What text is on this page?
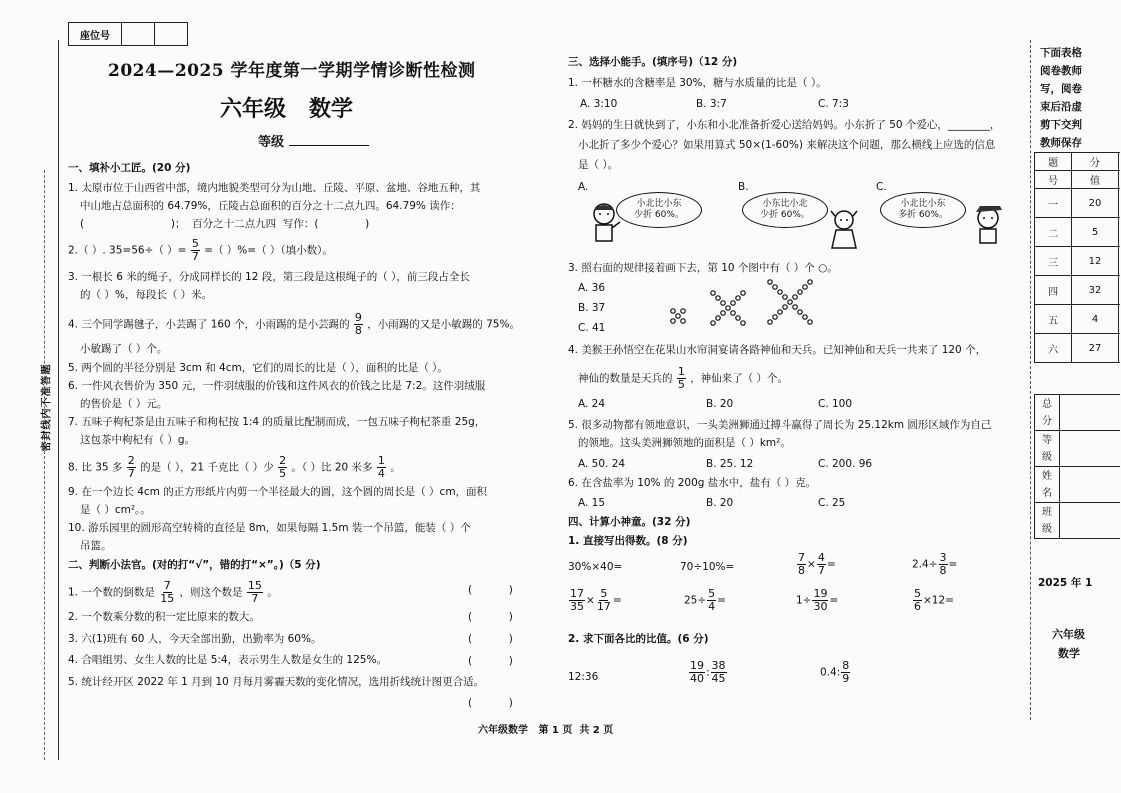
密封线内不准答题
座位号		
2024—2025 学年度第一学期学情诊断性检测
六年级   数学
等级
一、填补小工匠。(20 分)
1. 太原市位于山西省中部，境内地貌类型可分为山地、丘陵、平原、盆地、谷地五种，其
中山地占总面积的 64.79%，丘陵占总面积的百分之十二点九四。64.79% 读作：
(                          )；  百分之十二点九四  写作：(              )
2.（ ）. 35=56÷（ ）= $\frac{5}{7}$ =（ ）%=（ ）（填小数）。
3. 一根长 6 米的绳子，分成同样长的 12 段，第三段是这根绳子的（ ），前三段占全长
的（ ）%，每段长（ ）米。
4. 三个同学踢毽子，小芸踢了 160 个，小雨踢的是小芸踢的 $\frac{9}{8}$ ，小雨踢的又是小敏踢的 75%。
小敏踢了（ ）个。
5. 两个圆的半径分别是 3cm 和 4cm，它们的周长的比是（ ），面积的比是（ ）。
6. 一件风衣售价为 350 元，一件羽绒服的价钱和这件风衣的价钱之比是 7:2。这件羽绒服
的售价是（ ）元。
7. 五味子枸杞茶是由五味子和枸杞按 1:4 的质量比配制而成，一包五味子枸杞茶重 25g，
这包茶中枸杞有（ ）g。
8. 比 35 多 $\frac{2}{7}$ 的是（ ），21 千克比（ ）少 $\frac{2}{5}$ 。（ ）比 20 米多 $\frac{1}{4}$ 。
9. 在一个边长 4cm 的正方形纸片内剪一个半径最大的圆，这个圆的周长是（ ）cm，面积
是（ ）cm²。。
10. 游乐园里的圆形高空转椅的直径是 8m，如果每隔 1.5m 装一个吊篮，能装（ ）个
吊篮。
二、判断小法官。(对的打“√”，错的打“×”。)（5 分)
1. 一个数的倒数是 $\frac{7}{15}$ ，则这个数是 $\frac{15}{7}$ 。
2. 一个数乘分数的积一定比原来的数大。
3. 六(1)班有 60 人，今天全部出勤，出勤率为 60%。
4. 合唱组男、女生人数的比是 5:4，表示男生人数是女生的 125%。
5. 统计经开区 2022 年 1 月到 10 月每月雾霾天数的变化情况，选用折线统计图更合适。
(           )
(           )
(           )
(           )
(           )
六年级数学   第 1 页  共 2 页
三、选择小能手。(填序号)（12 分)
1. 一杯糖水的含糖率是 30%，糖与水质量的比是（ ）。
A. 3:10	B. 3:7	C. 7:3
2. 妈妈的生日就快到了，小东和小北准备折爱心送给妈妈。小东折了 50 个爱心，________，
小北折了多少个爱心？如果用算式 50×(1-60%) 来解决这个问题，那么横线上应选的信息
是（ ）。
A.	B.	C.
小北比小东
少折 60%。
小东比小北
少折 60%。
小北比小东
多折 60%。
3. 照右面的规律接着画下去，第 10 个图中有（ ）个 ○。
A. 36
B. 37
C. 41
4. 美猴王孙悟空在花果山水帘洞宴请各路神仙和天兵。已知神仙和天兵一共来了 120 个，
神仙的数量是天兵的 $\frac{1}{5}$ ，神仙来了（ ）个。
A. 24	B. 20	C. 100
5. 很多动物都有领地意识，一头美洲狮通过搏斗赢得了周长为 25.12km 圆形区域作为自己
的领地。这头美洲狮领地的面积是（ ）km²。
A. 50. 24	B. 25. 12	C. 200. 96
6. 在含盐率为 10% 的 200g 盐水中，盐有（ ）克。
A. 15	B. 20	C. 25
四、计算小神童。(32 分)
1. 直接写出得数。(8 分)
30%×40=	70÷10%=	$\frac{7}{8} \times \frac{4}{7}$ =	$2.4\div \frac{3}{8}$ =
$\frac{17}{35} \times \frac{5}{17}$ =	$25\div \frac{5}{4}$ =	$1\div \frac{19}{30}$ =	$\frac{5}{6} \times 12=$
2. 求下面各比的比值。(6 分)
12:36	$\frac{19}{40}$ : $\frac{38}{45}$	0.4: $\frac{8}{9}$
下面表格
阅卷教师
写，阅卷
束后沿虚
剪下交判
教师保存
题	分	
号	值	
一	20	
二	5	
三	12	
四	32	
五	4	
六	27	
总
分	

等
级	

姓
名	

班
级	

2025 年 1
六年级
数学
